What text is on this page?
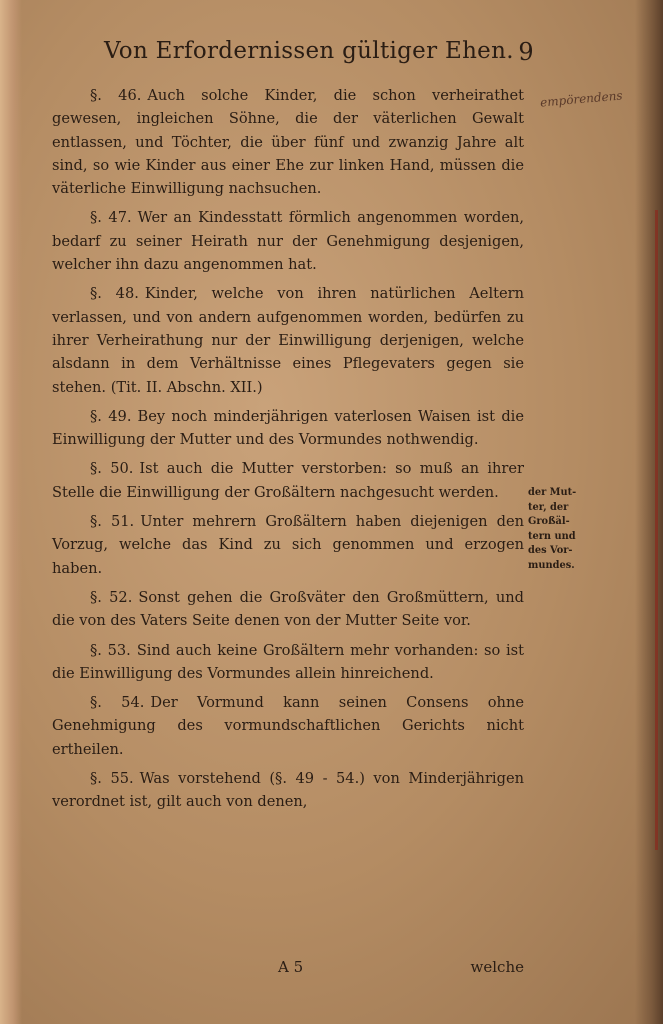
Von Erfordernissen gültiger Ehen. 9
empörendens

§. 46. Auch solche Kinder, die schon verheirathet gewesen, ingleichen Söhne, die der väterlichen Gewalt entlassen, und Töchter, die über fünf und zwanzig Jahre alt sind, so wie Kinder aus einer Ehe zur linken Hand, müssen die väterliche Einwilligung nachsuchen.

§. 47. Wer an Kindesstatt förmlich angenommen worden, bedarf zu seiner Heirath nur der Genehmigung desjenigen, welcher ihn dazu angenommen hat.

§. 48. Kinder, welche von ihren natürlichen Aeltern verlassen, und von andern aufgenommen worden, bedürfen zu ihrer Verheirathung nur der Einwilligung derjenigen, welche alsdann in dem Verhältnisse eines Pflegevaters gegen sie stehen. (Tit. II. Abschn. XII.)

§. 49. Bey noch minderjährigen vaterlosen Waisen ist die Einwilligung der Mutter und des Vormundes nothwendig.

§. 50. Ist auch die Mutter verstorben: so muß an ihrer Stelle die Einwilligung der Großältern nachgesucht werden.

§. 51. Unter mehrern Großältern haben diejenigen den Vorzug, welche das Kind zu sich genommen und erzogen haben.

§. 52. Sonst gehen die Großväter den Großmüttern, und die von des Vaters Seite denen von der Mutter Seite vor.

§. 53. Sind auch keine Großältern mehr vorhanden: so ist die Einwilligung des Vormundes allein hinreichend.

§. 54. Der Vormund kann seinen Consens ohne Genehmigung des vormundschaftlichen Gerichts nicht ertheilen.

§. 55. Was vorstehend (§. 49 - 54.) von Minderjährigen verordnet ist, gilt auch von denen,

der Mut-
ter, der
Großäl-
tern und
des Vor-
mundes.
A 5	welche
